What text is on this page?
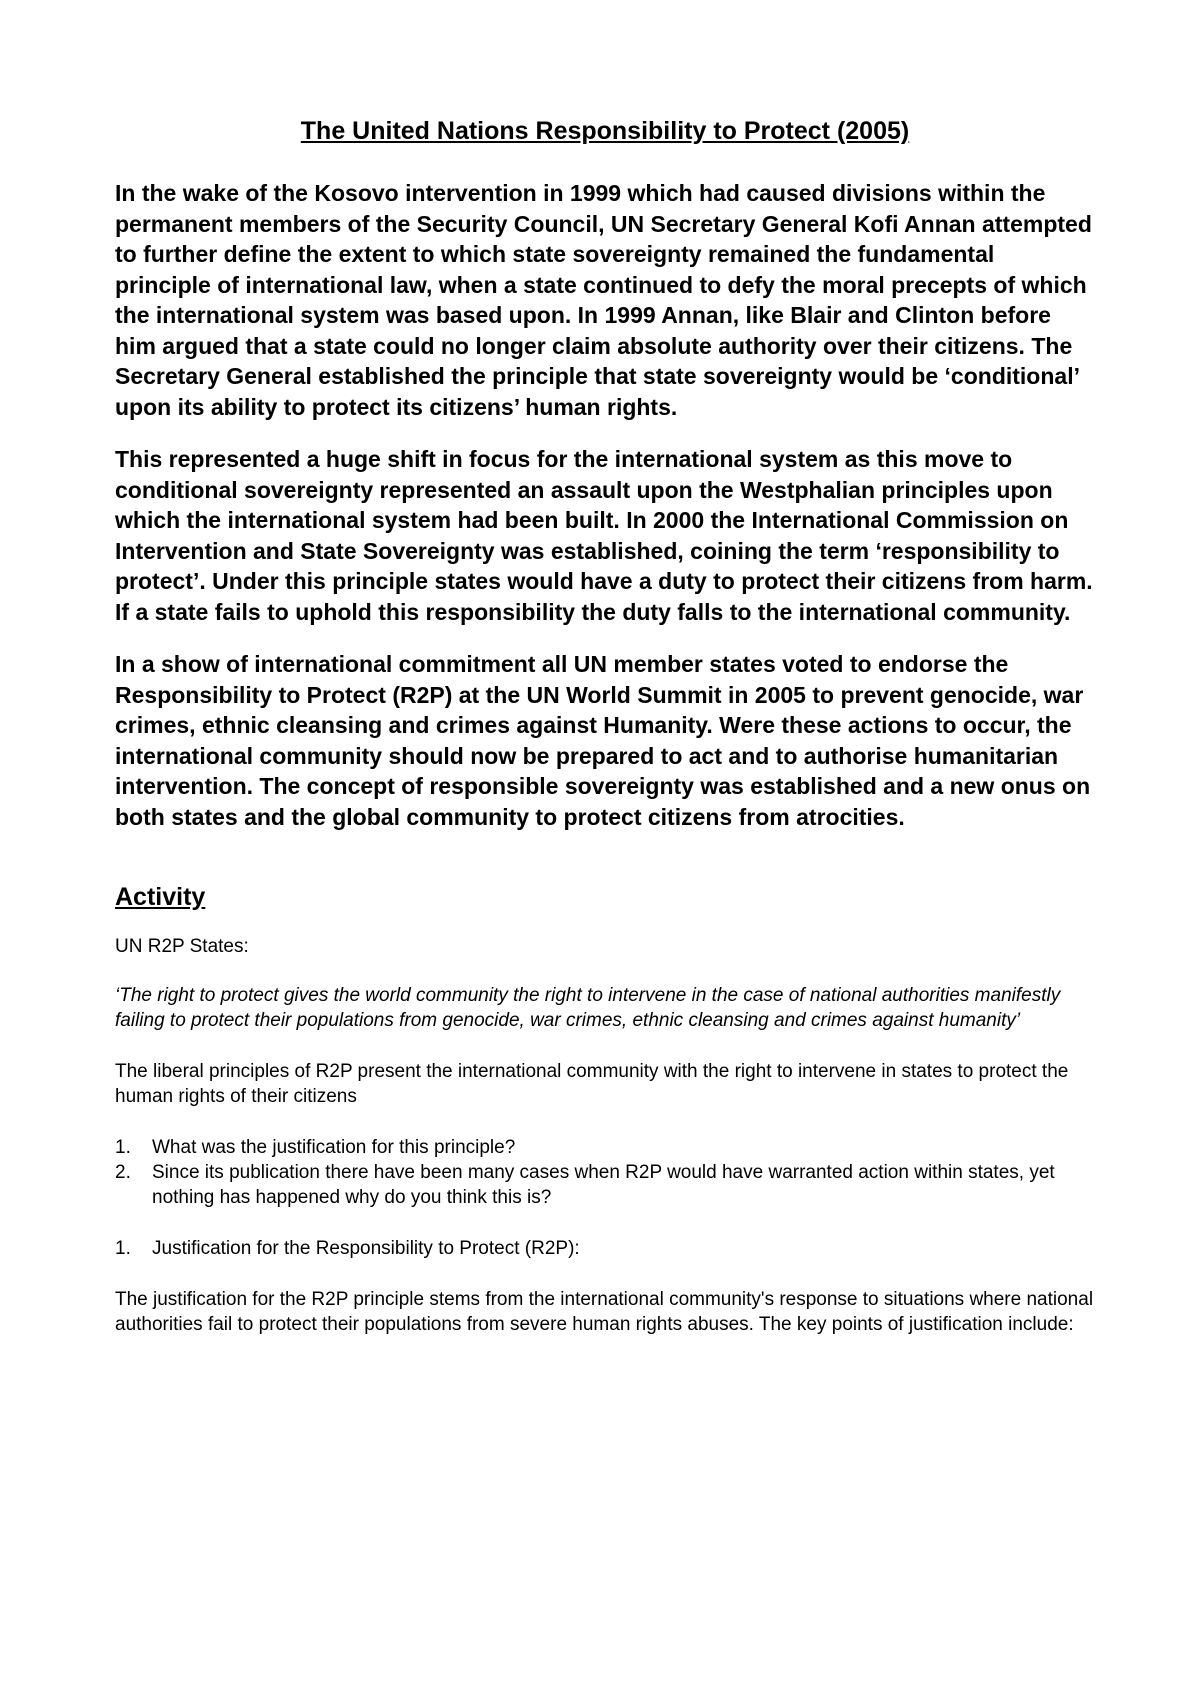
The United Nations Responsibility to Protect (2005)

In the wake of the Kosovo intervention in 1999 which had caused divisions within the permanent members of the Security Council, UN Secretary General Kofi Annan attempted to further define the extent to which state sovereignty remained the fundamental principle of international law, when a state continued to defy the moral precepts of which the international system was based upon. In 1999 Annan, like Blair and Clinton before him argued that a state could no longer claim absolute authority over their citizens. The Secretary General established the principle that state sovereignty would be ‘conditional’ upon its ability to protect its citizens’ human rights.

This represented a huge shift in focus for the international system as this move to conditional sovereignty represented an assault upon the Westphalian principles upon which the international system had been built. In 2000 the International Commission on Intervention and State Sovereignty was established, coining the term ‘responsibility to protect’. Under this principle states would have a duty to protect their citizens from harm. If a state fails to uphold this responsibility the duty falls to the international community.

In a show of international commitment all UN member states voted to endorse the Responsibility to Protect (R2P) at the UN World Summit in 2005 to prevent genocide, war crimes, ethnic cleansing and crimes against Humanity. Were these actions to occur, the international community should now be prepared to act and to authorise humanitarian intervention. The concept of responsible sovereignty was established and a new onus on both states and the global community to protect citizens from atrocities.

Activity

UN R2P States:

‘The right to protect gives the world community the right to intervene in the case of national authorities manifestly failing to protect their populations from genocide, war crimes, ethnic cleansing and crimes against humanity’

The liberal principles of R2P present the international community with the right to intervene in states to protect the human rights of their citizens

1. What was the justification for this principle?
2. Since its publication there have been many cases when R2P would have warranted action within states, yet nothing has happened why do you think this is?

1. Justification for the Responsibility to Protect (R2P):

The justification for the R2P principle stems from the international community's response to situations where national authorities fail to protect their populations from severe human rights abuses. The key points of justification include:
